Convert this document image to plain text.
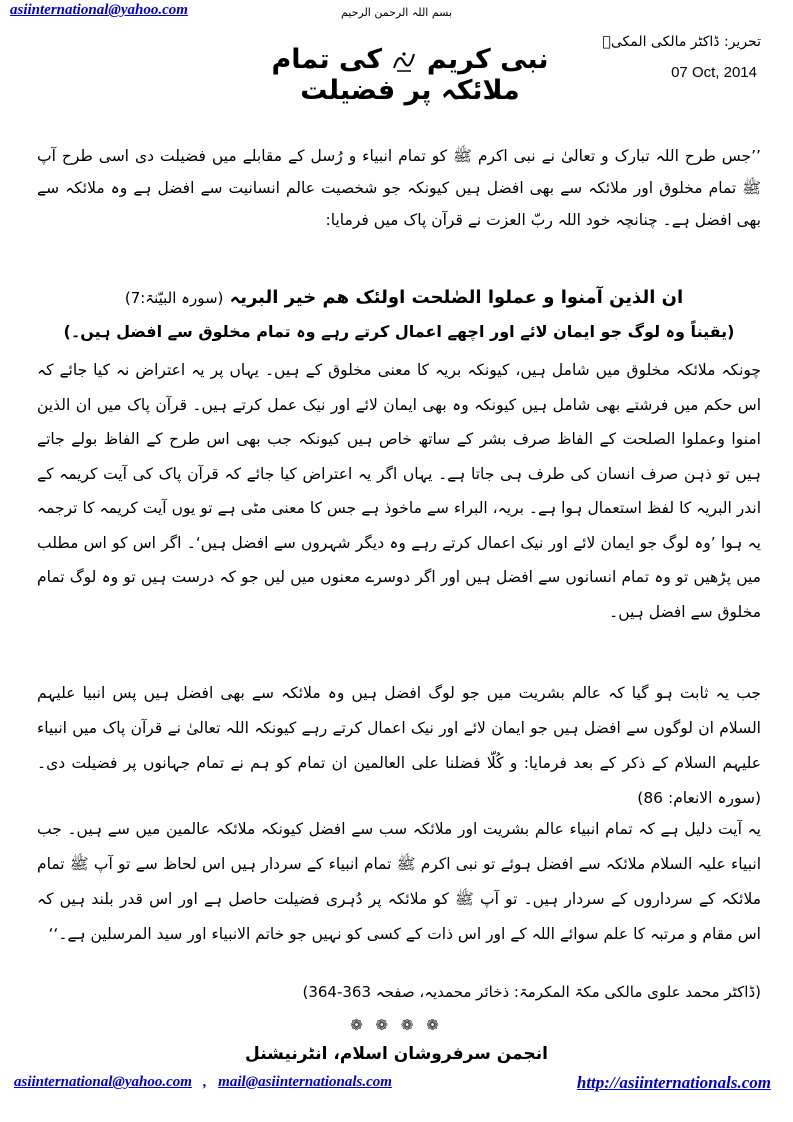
asiinternational@yahoo.com	بسم اللہ الرحمن الرحیم
تحریر: ڈاکٹر مالکی المکیؒ
07 Oct, 2014
نبی کریم  کی تمام ملائکہ پر فضیلت
’’جس طرح اللہ تبارک و تعالیٰ نے نبی اکرم ﷺ کو تمام انبیاء و رُسل کے مقابلے میں فضیلت دی اسی طرح آپ ﷺ تمام مخلوق اور ملائکہ سے بھی افضل ہیں کیونکہ جو شخصیت عالم انسانیت سے افضل ہے وہ ملائکہ سے بھی افضل ہے۔ چنانچہ خود اللہ ربّ العزت نے قرآن پاک میں فرمایا:
ان الذین آمنوا و عملوا الصٰلحت اولئک ھم خیر البریہ (سورہ البیّنۃ:7)
(یقیناً وہ لوگ جو ایمان لائے اور اچھے اعمال کرتے رہے وہ تمام مخلوق سے افضل ہیں۔)
چونکہ ملائکہ مخلوق میں شامل ہیں، کیونکہ بریہ کا معنی مخلوق کے ہیں۔ یہاں پر یہ اعتراض نہ کیا جائے کہ اس حکم میں فرشتے بھی شامل ہیں کیونکہ وہ بھی ایمان لائے اور نیک عمل کرتے ہیں۔ قرآن پاک میں ان الذین امنوا وعملوا الصلحت کے الفاظ صرف بشر کے ساتھ خاص ہیں کیونکہ جب بھی اس طرح کے الفاظ بولے جاتے ہیں تو ذہن صرف انسان کی طرف ہی جاتا ہے۔ یہاں اگر یہ اعتراض کیا جائے کہ قرآن پاک کی آیت کریمہ کے اندر البریہ کا لفظ استعمال ہوا ہے۔ بریہ، البراء سے ماخوذ ہے جس کا معنی مٹی ہے تو یوں آیت کریمہ کا ترجمہ یہ ہوا ’وہ لوگ جو ایمان لائے اور نیک اعمال کرتے رہے وہ دیگر شہروں سے افضل ہیں‘۔ اگر اس کو اس مطلب میں پڑھیں تو وہ تمام انسانوں سے افضل ہیں اور اگر دوسرے معنوں میں لیں جو کہ درست ہیں تو وہ لوگ تمام مخلوق سے افضل ہیں۔
جب یہ ثابت ہو گیا کہ عالم بشریت میں جو لوگ افضل ہیں وہ ملائکہ سے بھی افضل ہیں پس انبیا علیہم السلام ان لوگوں سے افضل ہیں جو ایمان لائے اور نیک اعمال کرتے رہے کیونکہ اللہ تعالیٰ نے قرآن پاک میں انبیاء علیہم السلام کے ذکر کے بعد فرمایا: و کُلّا فضلنا علی العالمین ان تمام کو ہم نے تمام جہانوں پر فضیلت دی۔ (سورہ الانعام: 86)
یہ آیت دلیل ہے کہ تمام انبیاء عالم بشریت اور ملائکہ سب سے افضل کیونکہ ملائکہ عالمین میں سے ہیں۔ جب انبیاء علیہ السلام ملائکہ سے افضل ہوئے تو نبی اکرم ﷺ تمام انبیاء کے سردار ہیں اس لحاظ سے تو آپ ﷺ تمام ملائکہ کے سرداروں کے سردار ہیں۔ تو آپ ﷺ کو ملائکہ پر دُہری فضیلت حاصل ہے اور اس قدر بلند ہیں کہ اس مقام و مرتبہ کا علم سوائے اللہ کے اور اس ذات کے کسی کو نہیں جو خاتم الانبیاء اور سید المرسلین ہے۔‘‘
(ڈاکٹر محمد علوی مالکی مکۃ المکرمۃ: ذخائر محمدیہ، صفحہ 363-364)
❁ ❁ ❁ ❁
انجمن سرفروشان اسلام، انٹرنیشنل
asiinternational@yahoo.com , mail@asiinternationals.com	http://asiinternationals.com
